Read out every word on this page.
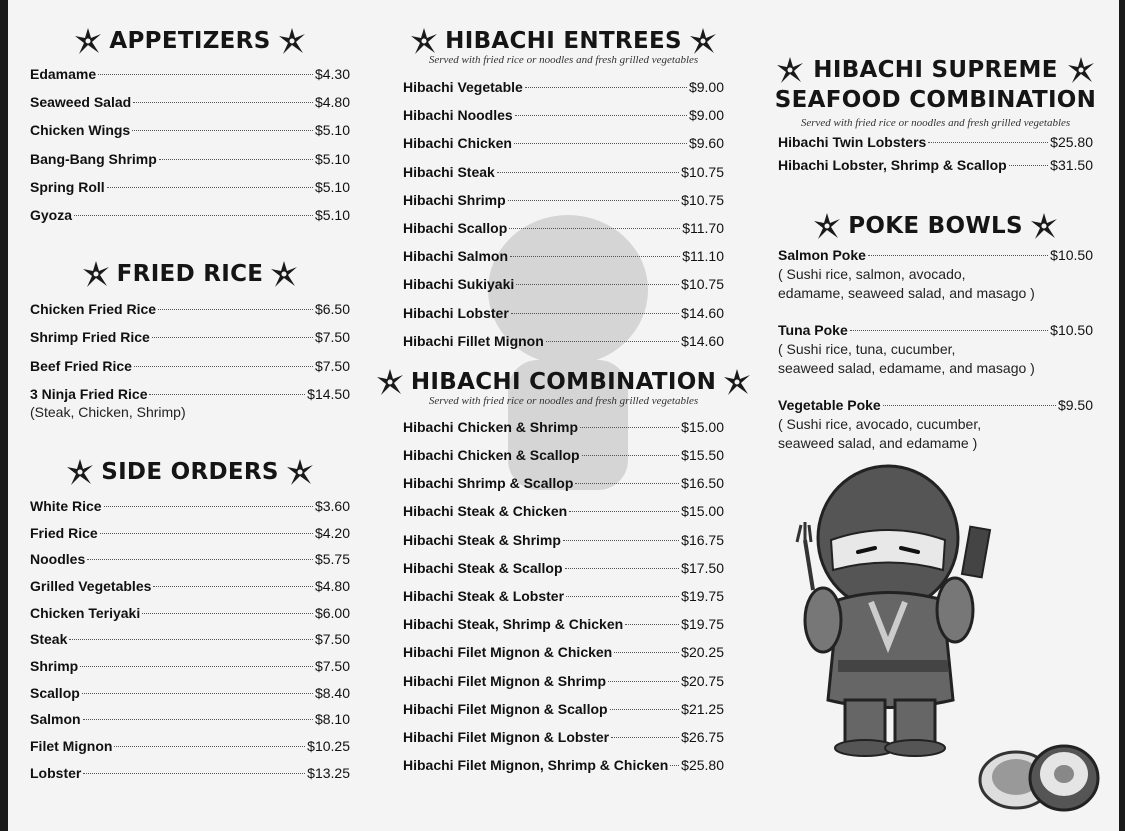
APPETIZERS
Edamame	$4.30
Seaweed Salad	$4.80
Chicken Wings	$5.10
Bang-Bang Shrimp	$5.10
Spring Roll	$5.10
Gyoza	$5.10
FRIED RICE
Chicken Fried Rice	$6.50
Shrimp Fried Rice	$7.50
Beef Fried Rice	$7.50
3 Ninja Fried Rice	$14.50
(Steak, Chicken, Shrimp)
SIDE ORDERS
White Rice	$3.60
Fried Rice	$4.20
Noodles	$5.75
Grilled Vegetables	$4.80
Chicken Teriyaki	$6.00
Steak	$7.50
Shrimp	$7.50
Scallop	$8.40
Salmon	$8.10
Filet Mignon	$10.25
Lobster	$13.25
HIBACHI ENTREES
Served with fried rice or noodles and fresh grilled vegetables
Hibachi Vegetable	$9.00
Hibachi Noodles	$9.00
Hibachi Chicken	$9.60
Hibachi Steak	$10.75
Hibachi Shrimp	$10.75
Hibachi Scallop	$11.70
Hibachi Salmon	$11.10
Hibachi Sukiyaki	$10.75
Hibachi Lobster	$14.60
Hibachi Fillet Mignon	$14.60
HIBACHI COMBINATION
Served with fried rice or noodles and fresh grilled vegetables
Hibachi Chicken & Shrimp	$15.00
Hibachi Chicken & Scallop	$15.50
Hibachi Shrimp & Scallop	$16.50
Hibachi Steak & Chicken	$15.00
Hibachi Steak & Shrimp	$16.75
Hibachi Steak & Scallop	$17.50
Hibachi Steak & Lobster	$19.75
Hibachi Steak, Shrimp & Chicken	$19.75
Hibachi Filet Mignon & Chicken	$20.25
Hibachi Filet Mignon & Shrimp	$20.75
Hibachi Filet Mignon & Scallop	$21.25
Hibachi Filet Mignon & Lobster	$26.75
Hibachi Filet Mignon, Shrimp & Chicken $25.80
HIBACHI SUPREME
SEAFOOD COMBINATION
Served with fried rice or noodles and fresh grilled vegetables
Hibachi Twin Lobsters	$25.80
Hibachi Lobster, Shrimp & Scallop	$31.50
POKE BOWLS
Salmon Poke	$10.50
( Sushi rice, salmon, avocado,
edamame, seaweed salad, and masago )
Tuna Poke	$10.50
( Sushi rice, tuna, cucumber,
seaweed salad, edamame, and masago )
Vegetable Poke	$9.50
( Sushi rice, avocado, cucumber,
seaweed salad, and edamame )
